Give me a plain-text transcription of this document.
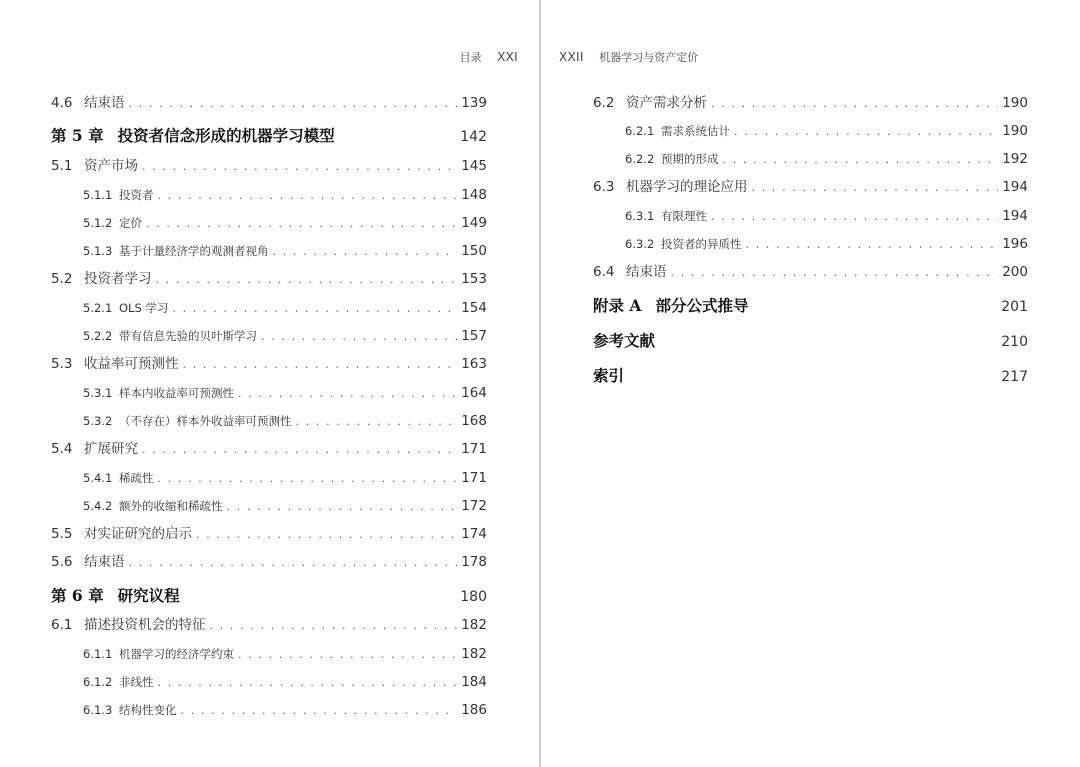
目录 XXI
4.6 结束语 . . .	139
第 5 章 投资者信念形成的机器学习模型	142
5.1 资产市场 . . .	145
5.1.1 投资者 . . .	148
5.1.2 定价 . . .	149
5.1.3 基于计量经济学的观测者视角 . . .	150
5.2 投资者学习 . . .	153
5.2.1 OLS 学习 . . .	154
5.2.2 带有信息先验的贝叶斯学习 . . .	157
5.3 收益率可预测性 . . .	163
5.3.1 样本内收益率可预测性 . . .	164
5.3.2 （不存在）样本外收益率可预测性 . . .	168
5.4 扩展研究 . . .	171
5.4.1 稀疏性 . . .	171
5.4.2 额外的收缩和稀疏性 . . .	172
5.5 对实证研究的启示 . . .	174
5.6 结束语 . . .	178
第 6 章 研究议程	180
6.1 描述投资机会的特征 . . .	182
6.1.1 机器学习的经济学约束 . . .	182
6.1.2 非线性 . . .	184
6.1.3 结构性变化 . . .	186
XXII 机器学习与资产定价
6.2 资产需求分析 . . .	190
6.2.1 需求系统估计 . . .	190
6.2.2 预期的形成 . . .	192
6.3 机器学习的理论应用 . . .	194
6.3.1 有限理性 . . .	194
6.3.2 投资者的异质性 . . .	196
6.4 结束语 . . .	200
附录 A 部分公式推导	201
参考文献	210
索引	217
